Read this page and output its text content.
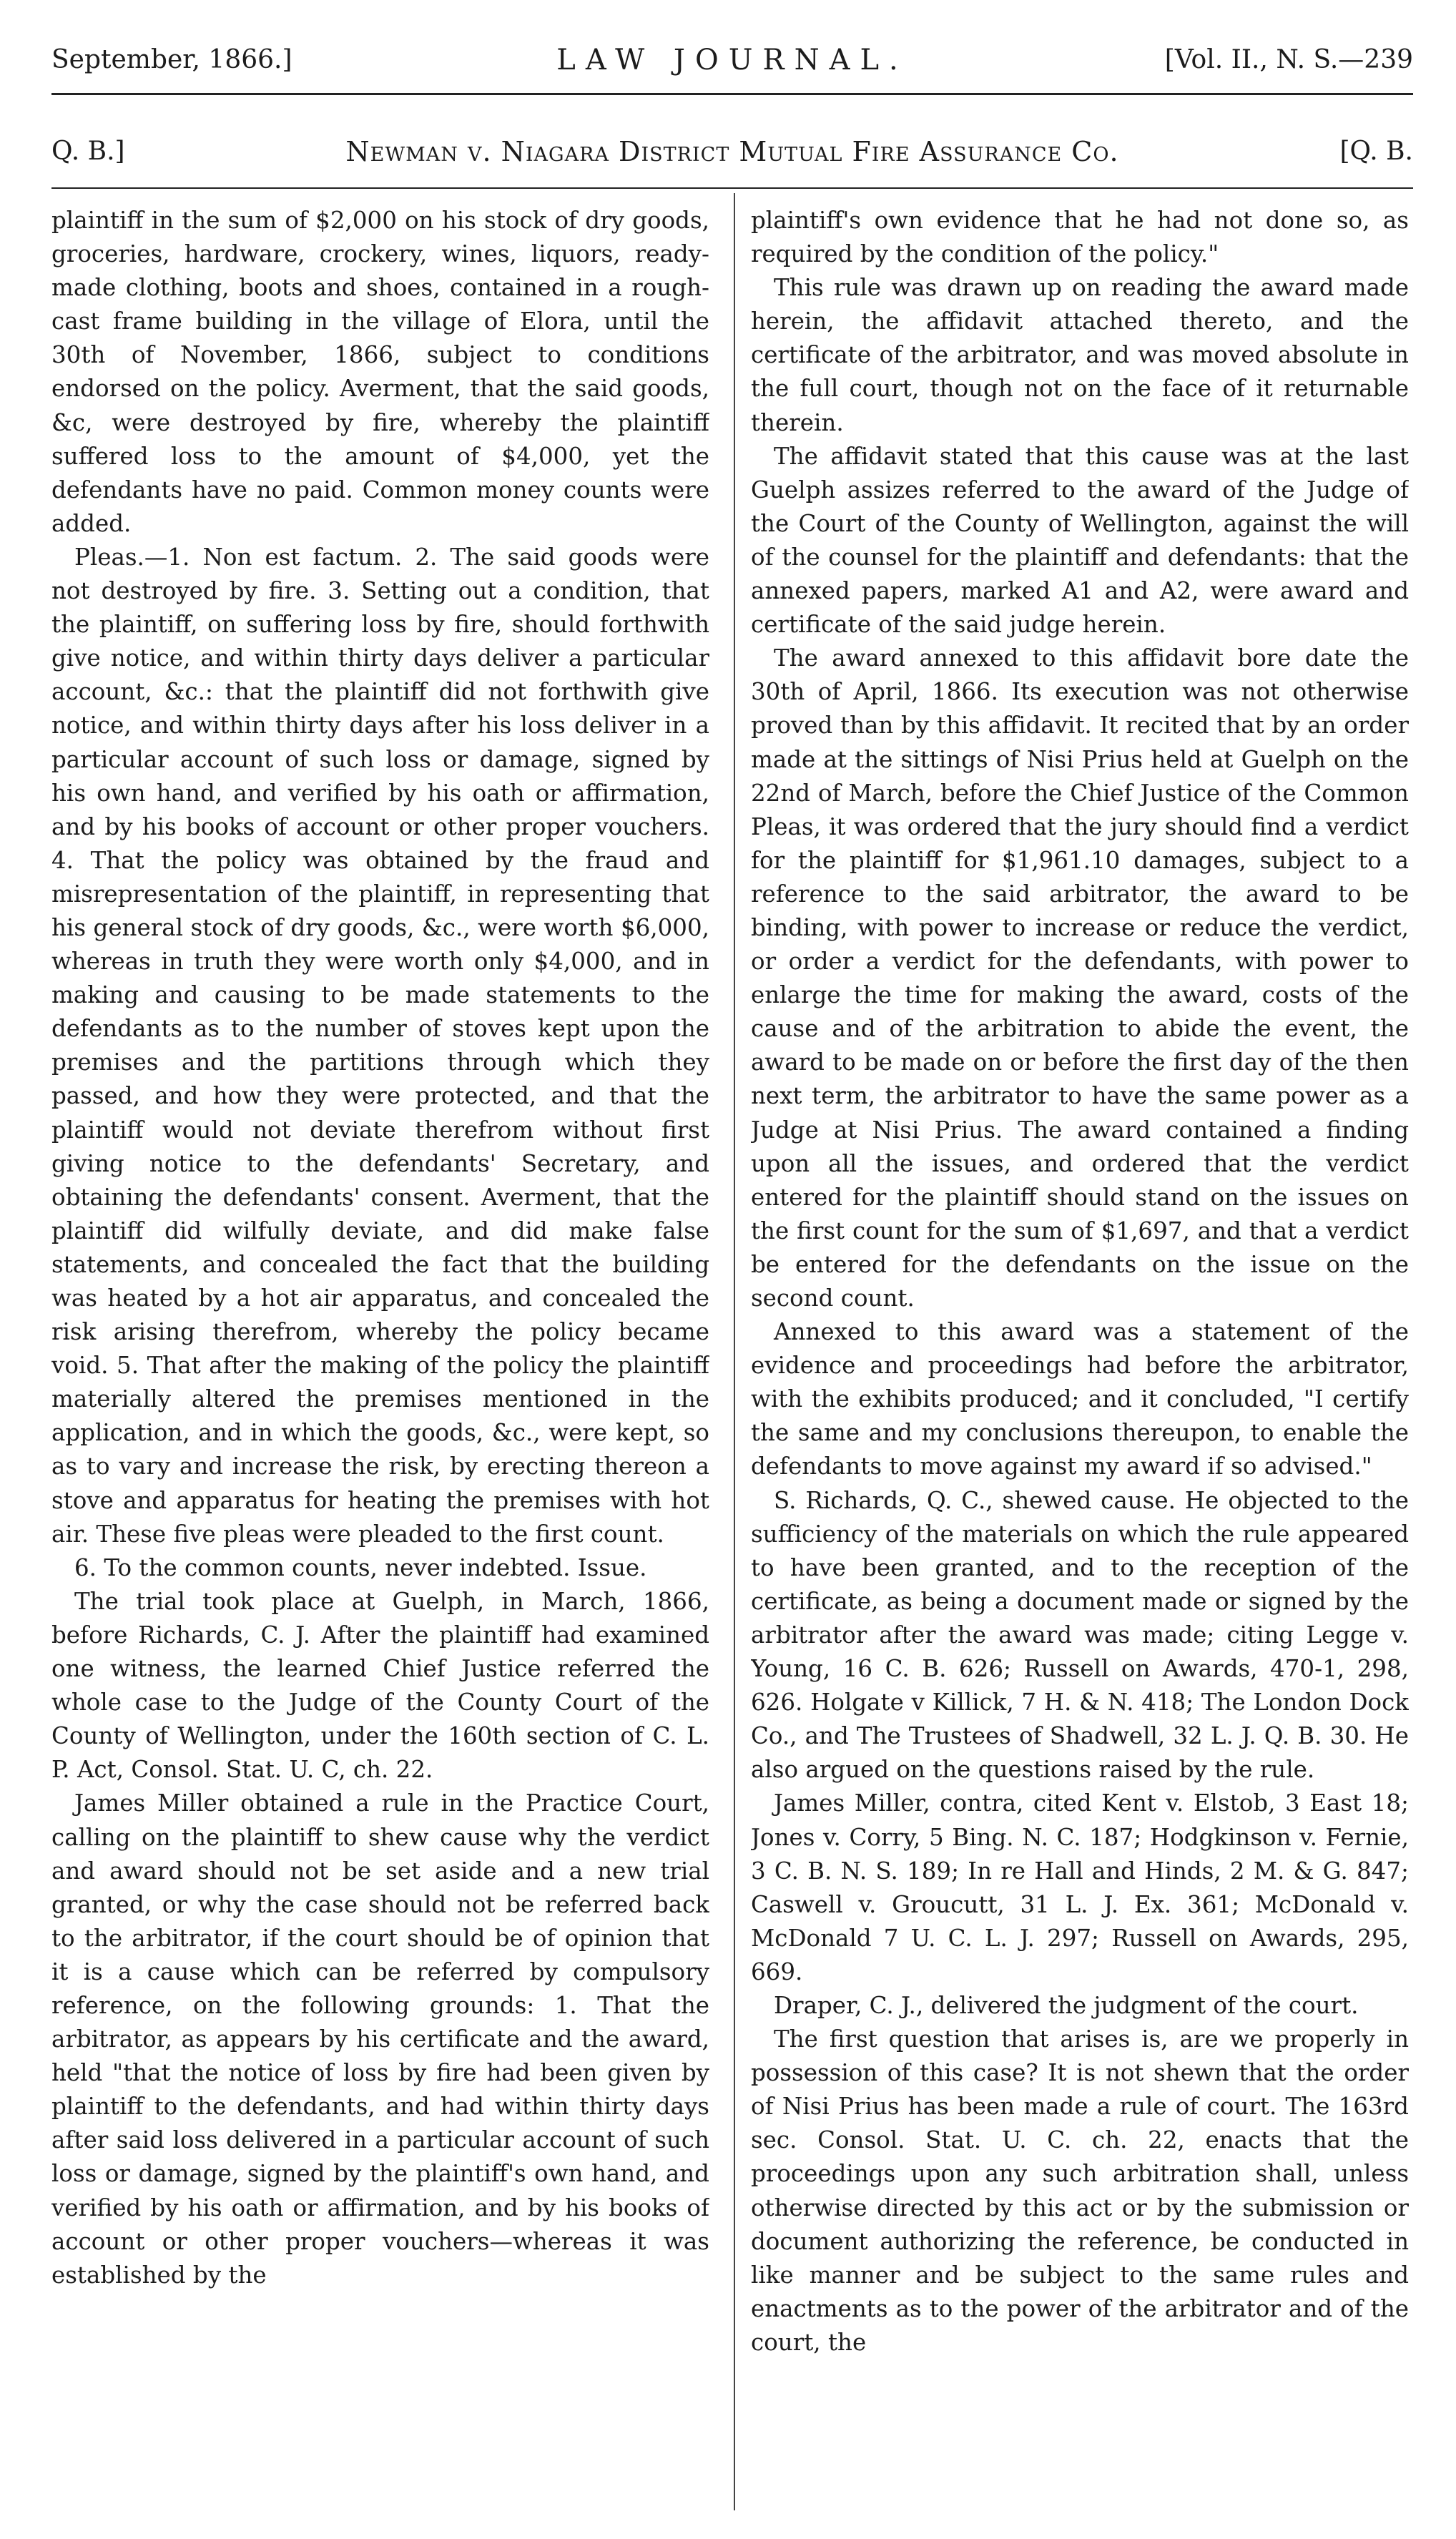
September, 1866.]	LAW JOURNAL.	[Vol. II., N. S.—239
Q. B.]	Newman v. Niagara District Mutual Fire Assurance Co.	[Q. B.

plaintiff in the sum of $2,000 on his stock of dry goods, groceries, hardware, crockery, wines, liquors, ready-made clothing, boots and shoes, contained in a rough-cast frame building in the village of Elora, until the 30th of November, 1866, subject to conditions endorsed on the policy. Averment, that the said goods, &c, were destroyed by fire, whereby the plaintiff suffered loss to the amount of $4,000, yet the defendants have no paid. Common money counts were added.

Pleas.—1. Non est factum. 2. The said goods were not destroyed by fire. 3. Setting out a condition, that the plaintiff, on suffering loss by fire, should forthwith give notice, and within thirty days deliver a particular account, &c.: that the plaintiff did not forthwith give notice, and within thirty days after his loss deliver in a particular account of such loss or damage, signed by his own hand, and verified by his oath or affirmation, and by his books of account or other proper vouchers. 4. That the policy was obtained by the fraud and misrepresentation of the plaintiff, in representing that his general stock of dry goods, &c., were worth $6,000, whereas in truth they were worth only $4,000, and in making and causing to be made statements to the defendants as to the number of stoves kept upon the premises and the partitions through which they passed, and how they were protected, and that the plaintiff would not deviate therefrom without first giving notice to the defendants' Secretary, and obtaining the defendants' consent. Averment, that the plaintiff did wilfully deviate, and did make false statements, and concealed the fact that the building was heated by a hot air apparatus, and concealed the risk arising therefrom, whereby the policy became void. 5. That after the making of the policy the plaintiff materially altered the premises mentioned in the application, and in which the goods, &c., were kept, so as to vary and increase the risk, by erecting thereon a stove and apparatus for heating the premises with hot air. These five pleas were pleaded to the first count.

6. To the common counts, never indebted. Issue.

The trial took place at Guelph, in March, 1866, before Richards, C. J. After the plaintiff had examined one witness, the learned Chief Justice referred the whole case to the Judge of the County Court of the County of Wellington, under the 160th section of C. L. P. Act, Consol. Stat. U. C, ch. 22.

James Miller obtained a rule in the Practice Court, calling on the plaintiff to shew cause why the verdict and award should not be set aside and a new trial granted, or why the case should not be referred back to the arbitrator, if the court should be of opinion that it is a cause which can be referred by compulsory reference, on the following grounds: 1. That the arbitrator, as appears by his certificate and the award, held "that the notice of loss by fire had been given by plaintiff to the defendants, and had within thirty days after said loss delivered in a particular account of such loss or damage, signed by the plaintiff's own hand, and verified by his oath or affirmation, and by his books of account or other proper vouchers—whereas it was established by the

plaintiff's own evidence that he had not done so, as required by the condition of the policy."

This rule was drawn up on reading the award made herein, the affidavit attached thereto, and the certificate of the arbitrator, and was moved absolute in the full court, though not on the face of it returnable therein.

The affidavit stated that this cause was at the last Guelph assizes referred to the award of the Judge of the Court of the County of Wellington, against the will of the counsel for the plaintiff and defendants: that the annexed papers, marked A1 and A2, were award and certificate of the said judge herein.

The award annexed to this affidavit bore date the 30th of April, 1866. Its execution was not otherwise proved than by this affidavit. It recited that by an order made at the sittings of Nisi Prius held at Guelph on the 22nd of March, before the Chief Justice of the Common Pleas, it was ordered that the jury should find a verdict for the plaintiff for $1,961.10 damages, subject to a reference to the said arbitrator, the award to be binding, with power to increase or reduce the verdict, or order a verdict for the defendants, with power to enlarge the time for making the award, costs of the cause and of the arbitration to abide the event, the award to be made on or before the first day of the then next term, the arbitrator to have the same power as a Judge at Nisi Prius. The award contained a finding upon all the issues, and ordered that the verdict entered for the plaintiff should stand on the issues on the first count for the sum of $1,697, and that a verdict be entered for the defendants on the issue on the second count.

Annexed to this award was a statement of the evidence and proceedings had before the arbitrator, with the exhibits produced; and it concluded, "I certify the same and my conclusions thereupon, to enable the defendants to move against my award if so advised."

S. Richards, Q. C., shewed cause. He objected to the sufficiency of the materials on which the rule appeared to have been granted, and to the reception of the certificate, as being a document made or signed by the arbitrator after the award was made; citing Legge v. Young, 16 C. B. 626; Russell on Awards, 470-1, 298, 626. Holgate v Killick, 7 H. & N. 418; The London Dock Co., and The Trustees of Shadwell, 32 L. J. Q. B. 30. He also argued on the questions raised by the rule.

James Miller, contra, cited Kent v. Elstob, 3 East 18; Jones v. Corry, 5 Bing. N. C. 187; Hodgkinson v. Fernie, 3 C. B. N. S. 189; In re Hall and Hinds, 2 M. & G. 847; Caswell v. Groucutt, 31 L. J. Ex. 361; McDonald v. McDonald 7 U. C. L. J. 297; Russell on Awards, 295, 669.

Draper, C. J., delivered the judgment of the court.

The first question that arises is, are we properly in possession of this case? It is not shewn that the order of Nisi Prius has been made a rule of court. The 163rd sec. Consol. Stat. U. C. ch. 22, enacts that the proceedings upon any such arbitration shall, unless otherwise directed by this act or by the submission or document authorizing the reference, be conducted in like manner and be subject to the same rules and enactments as to the power of the arbitrator and of the court, the
